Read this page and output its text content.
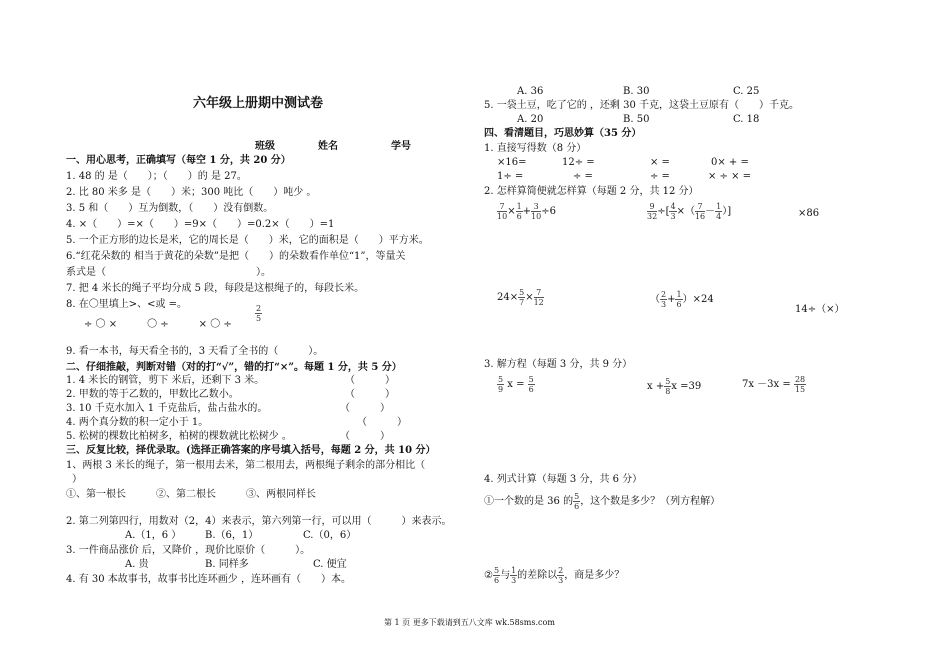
六年级上册期中测试卷
班级	姓名	学号
一、用心思考，正确填写（每空 1 分，共 20 分）
1. 48 的 是（　　）；（　　）的 是 27。
2. 比 80 米多 是（　　）米；300 吨比（　　）吨少 。
3. 5 和（　　）互为倒数，（　　）没有倒数。
4. ×（　　）=×（　　）=9×（　　）=0.2×（　　）=1
5. 一个正方形的边长是米，它的周长是（　　）米，它的面积是（　　）平方米。
6.“红花朵数的 相当于黄花的朵数”是把（　　）的朵数看作单位“1”，等量关
系式是（　　　　　　　　　　　　　　　）。
7. 把 4 米长的绳子平均分成 5 段，每段是这根绳子的，每段长米。
8. 在〇里填上>、<或 =。	$\frac{2}{5}$
÷ 〇 ×　　　〇 ÷　　　× 〇 ÷
9. 看一本书，每天看全书的，3 天看了全书的（　　　）。
二、仔细推敲，判断对错（对的打“√”，错的打“×”。每题 1 分，共 5 分）
1. 4 米长的钢管，剪下 米后，还剩下 3 米。	（　　　）
2. 甲数的等于乙数的，甲数比乙数小。	（　　　）
3. 10 千克水加入 1 千克盐后，盐占盐水的。	（　　　）
4. 两个真分数的积一定小于 1。	（　　　）
5. 松树的棵数比柏树多，柏树的棵数就比松树少 。	（　　　）
三、反复比较，择优录取。(选择正确答案的序号填入括号，每题 2 分，共 10 分）
1、两根 3 米长的绳子，第一根用去米，第二根用去，两根绳子剩余的部分相比（
）
①、第一根长　　　②、第二根长　　　③、两根同样长
2. 第二列第四行，用数对（2，4）来表示，第六列第一行，可以用（　　　）来表示。
A.（1，6 ） B.（6，1）	C.（0，6）
3. 一件商品涨价 后，又降价 ，现价比原价（　　　）。
A. 贵	B. 同样多	C. 便宜
4. 有 30 本故事书，故事书比连环画少 ，连环画有（　　）本。
A. 36	B. 30	C. 25
5. 一袋土豆，吃了它的 ，还剩 30 千克，这袋土豆原有（　　）千克。
A. 20	B. 50	C. 18
四、看清题目，巧思妙算（35 分）
1. 直接写得数（8 分）
×16=	12÷ =	× =	0× + =
1÷ =	÷ =	÷ =	× ÷ × =
2. 怎样算简便就怎样算（每题 2 分，共 12 分）
$\frac{7}{10} \times \frac{1}{6} + \frac{3}{10} \div 6$	$\frac{9}{32}$ ÷[ $\frac{4}{3}$ ×（ $\frac{7}{16} - \frac{1}{4}$ ）]	×86
$24\times \frac{5}{7} \times \frac{7}{12}$	（ $\frac{2}{3} + \frac{1}{6} )\times 24$
14÷（×）
3. 解方程（每题 3 分，共 9 分）
$\frac{5}{9}$ $x = \frac{5}{6}$	$x + \frac{5}{8}$ x =39	$7x -3x = \frac{28}{15}$
4. 列式计算（每题 3 分，共 6 分）
①一个数的是 36 的 $\frac{5}{6}$ ，这个数是多少？（列方程解）
② $\frac{5}{6}$ 与 $\frac{1}{3}$ 的差除以 $\frac{2}{3}$ ，商是多少？
第 1 页 更多下载请到五八文库 wk.58sms.com
